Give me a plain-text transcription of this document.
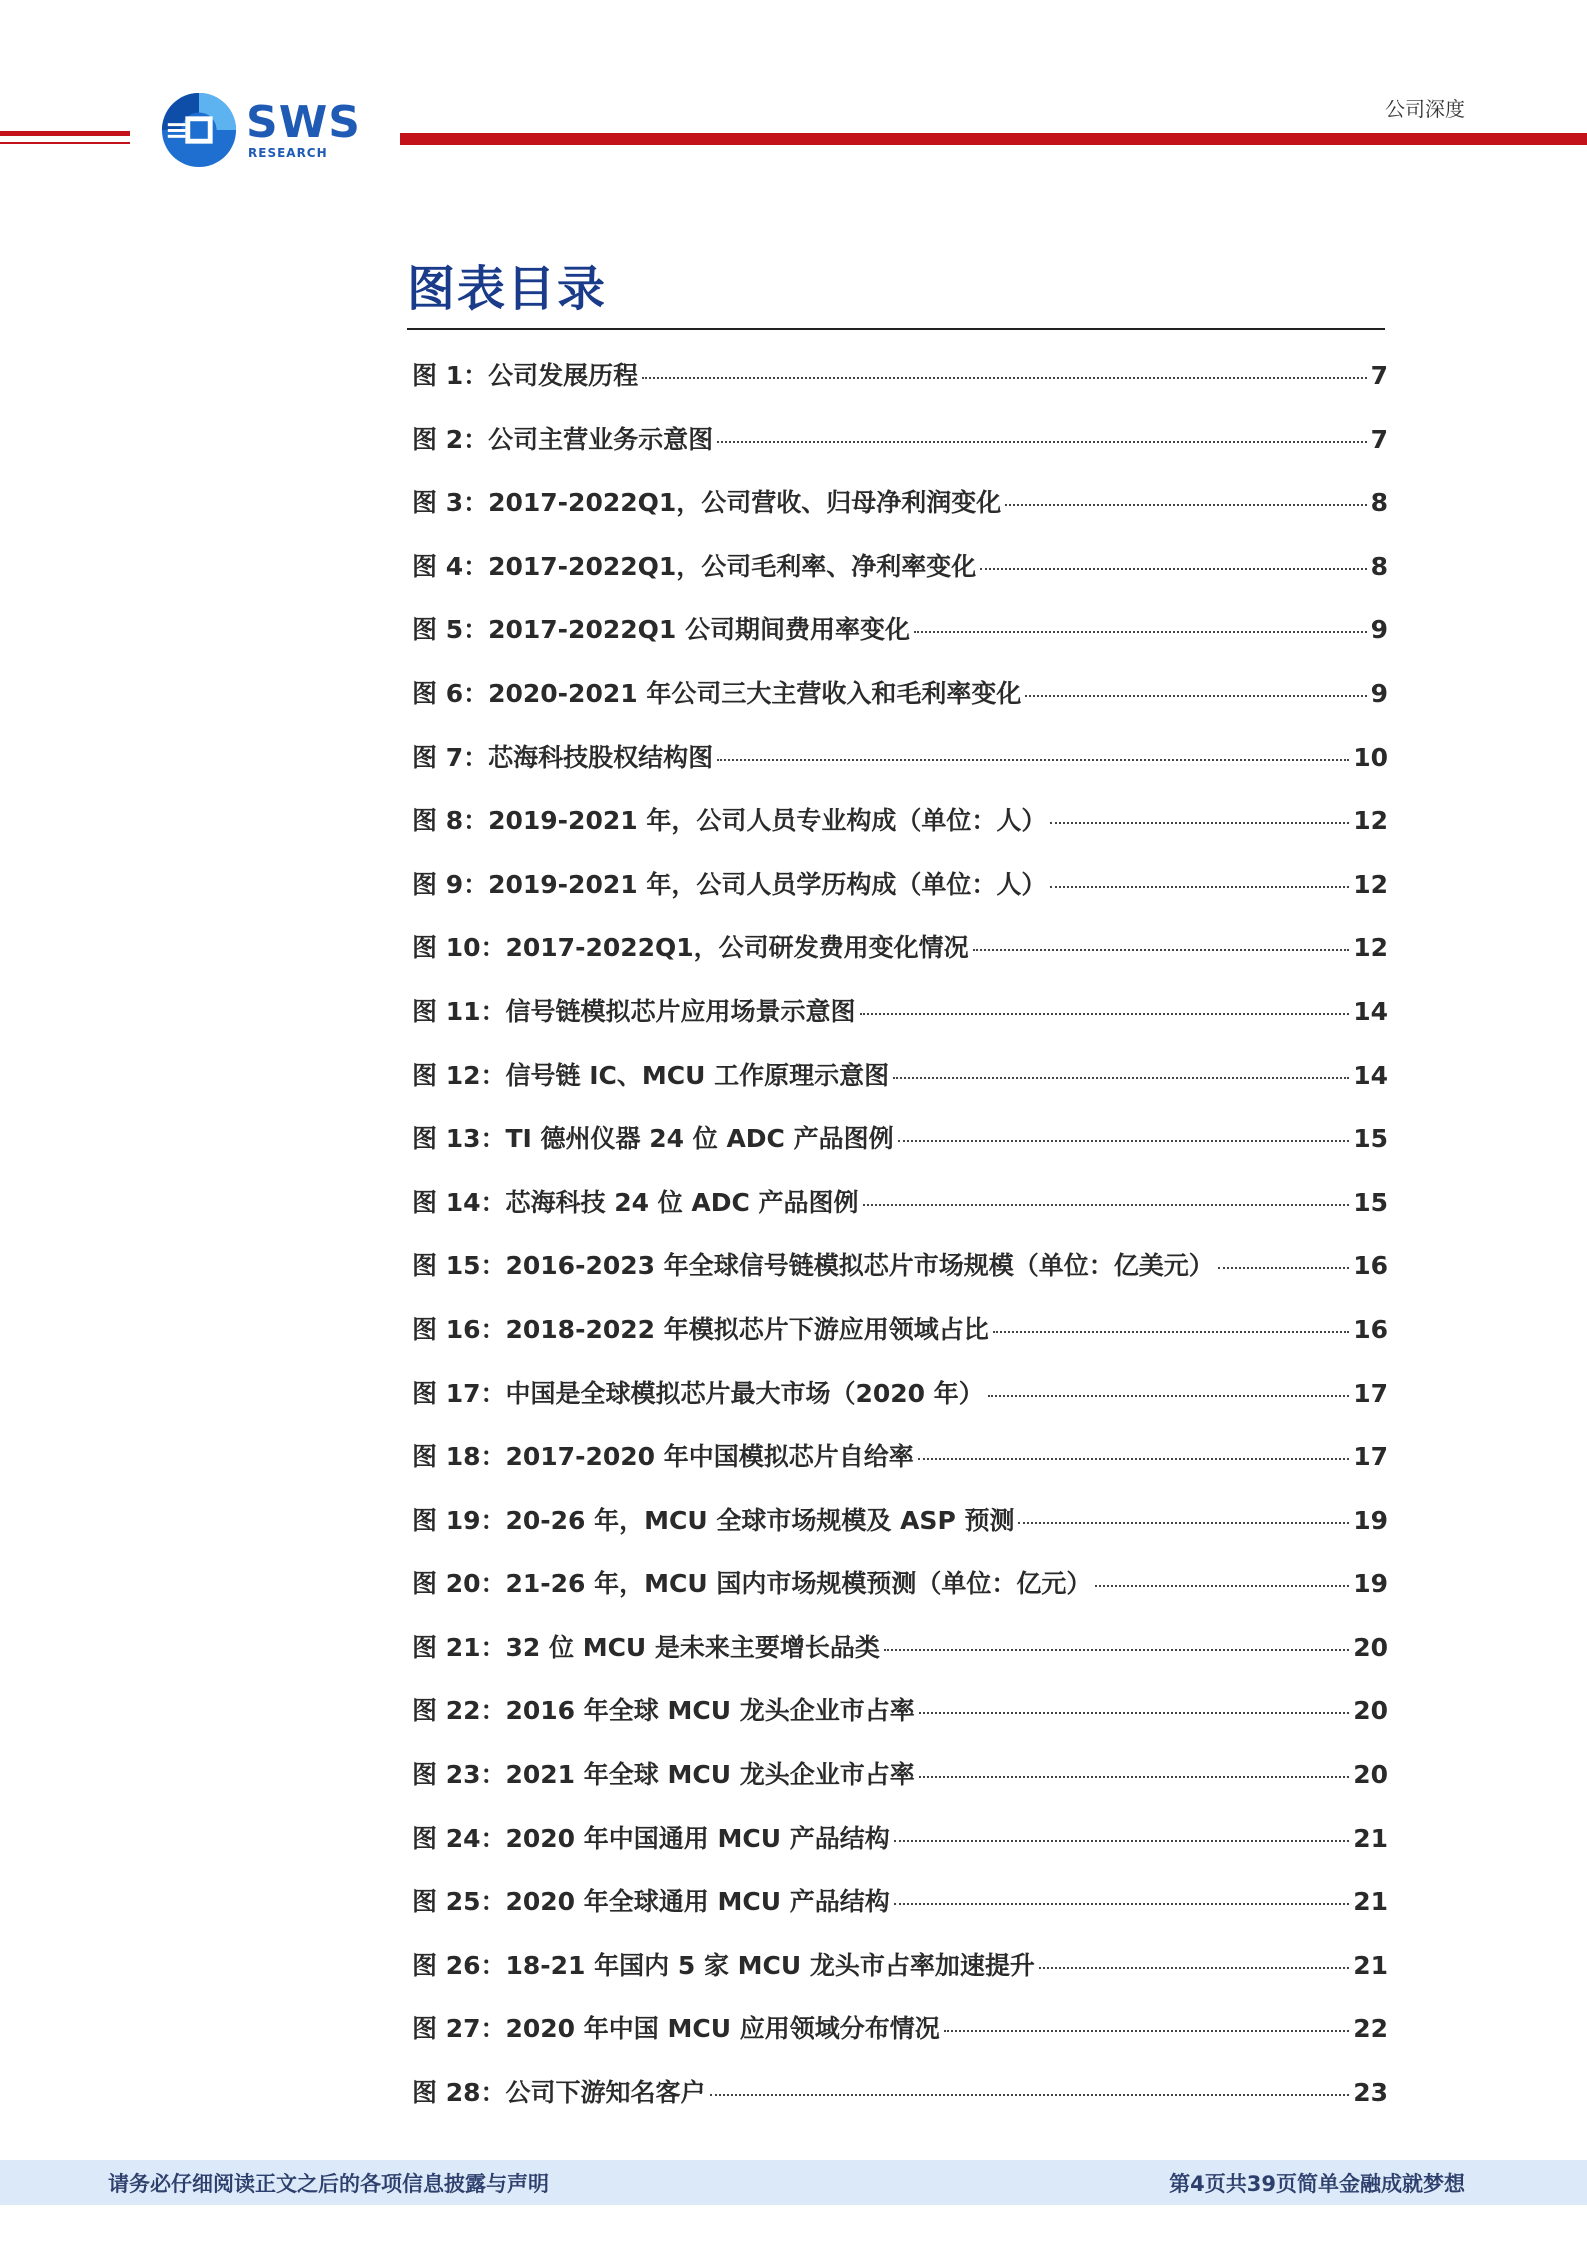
SWS
RESEARCH
公司深度
图表目录
图 1：公司发展历程	7
图 2：公司主营业务示意图	7
图 3：2017-2022Q1，公司营收、归母净利润变化	8
图 4：2017-2022Q1，公司毛利率、净利率变化	8
图 5：2017-2022Q1 公司期间费用率变化	9
图 6：2020-2021 年公司三大主营收入和毛利率变化	9
图 7：芯海科技股权结构图	10
图 8：2019-2021 年，公司人员专业构成（单位：人）	12
图 9：2019-2021 年，公司人员学历构成（单位：人）	12
图 10：2017-2022Q1，公司研发费用变化情况	12
图 11：信号链模拟芯片应用场景示意图	14
图 12：信号链 IC、MCU 工作原理示意图	14
图 13：TI 德州仪器 24 位 ADC 产品图例	15
图 14：芯海科技 24 位 ADC 产品图例	15
图 15：2016-2023 年全球信号链模拟芯片市场规模（单位：亿美元）	16
图 16：2018-2022 年模拟芯片下游应用领域占比	16
图 17：中国是全球模拟芯片最大市场（2020 年）	17
图 18：2017-2020 年中国模拟芯片自给率	17
图 19：20-26 年，MCU 全球市场规模及 ASP 预测	19
图 20：21-26 年，MCU 国内市场规模预测（单位：亿元）	19
图 21：32 位 MCU 是未来主要增长品类	20
图 22：2016 年全球 MCU 龙头企业市占率	20
图 23：2021 年全球 MCU 龙头企业市占率	20
图 24：2020 年中国通用 MCU 产品结构	21
图 25：2020 年全球通用 MCU 产品结构	21
图 26：18-21 年国内 5 家 MCU 龙头市占率加速提升	21
图 27：2020 年中国 MCU 应用领域分布情况	22
图 28：公司下游知名客户	23
请务必仔细阅读正文之后的各项信息披露与声明	第4页共39页简单金融成就梦想
